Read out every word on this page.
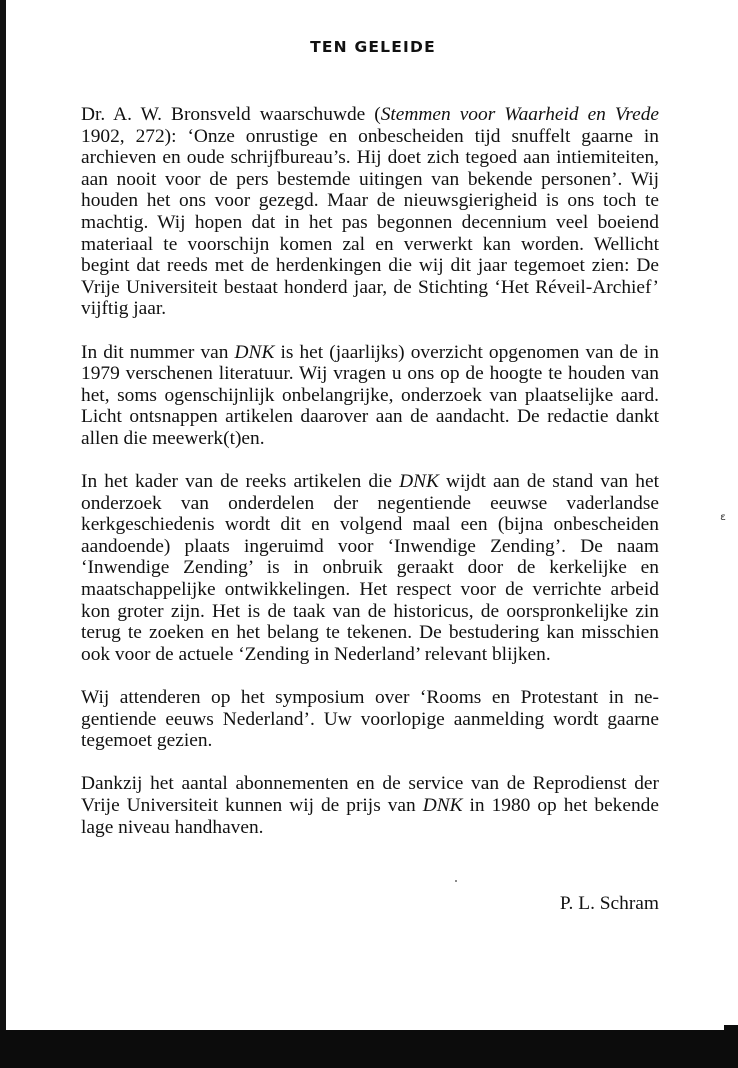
TEN GELEIDE

Dr. A. W. Bronsveld waarschuwde (Stemmen voor Waarheid en Vrede 1902, 272): ‘Onze onrustige en onbescheiden tijd snuffelt gaarne in archieven en oude schrijfbureau’s. Hij doet zich tegoed aan intiemiteiten, aan nooit voor de pers bestemde uitingen van bekende personen’. Wij houden het ons voor gezegd. Maar de nieuwsgierigheid is ons toch te machtig. Wij hopen dat in het pas begonnen decennium veel boeiend materiaal te voorschijn komen zal en verwerkt kan worden. Wellicht begint dat reeds met de herdenkingen die wij dit jaar tegemoet zien: De Vrije Universiteit bestaat honderd jaar, de Stichting ‘Het Réveil-Archief’ vijftig jaar.

In dit nummer van DNK is het (jaarlijks) overzicht opgenomen van de in 1979 verschenen literatuur. Wij vragen u ons op de hoogte te houden van het, soms ogenschijnlijk onbelangrijke, onderzoek van plaatselijke aard. Licht ontsnappen artikelen daarover aan de aandacht. De redactie dankt allen die meewerk(t)en.

In het kader van de reeks artikelen die DNK wijdt aan de stand van het onderzoek van onderdelen der negentiende eeuwse vaderlandse kerkgeschiedenis wordt dit en volgend maal een (bijna onbescheiden aandoende) plaats ingeruimd voor ‘Inwendige Zending’. De naam ‘Inwendige Zending’ is in onbruik geraakt door de kerkelijke en maatschappelijke ontwikkelingen. Het respect voor de verrichte arbeid kon groter zijn. Het is de taak van de historicus, de oorspronkelijke zin terug te zoeken en het belang te tekenen. De bestudering kan misschien ook voor de actuele ‘Zending in Nederland’ relevant blijken.

Wij attenderen op het symposium over ‘Rooms en Protestant in negentiende eeuws Nederland’. Uw voorlopige aanmelding wordt gaarne tegemoet gezien.

Dankzij het aantal abonnementen en de service van de Reprodienst der Vrije Universiteit kunnen wij de prijs van DNK in 1980 op het bekende lage niveau handhaven.

P. L. Schram
ε
